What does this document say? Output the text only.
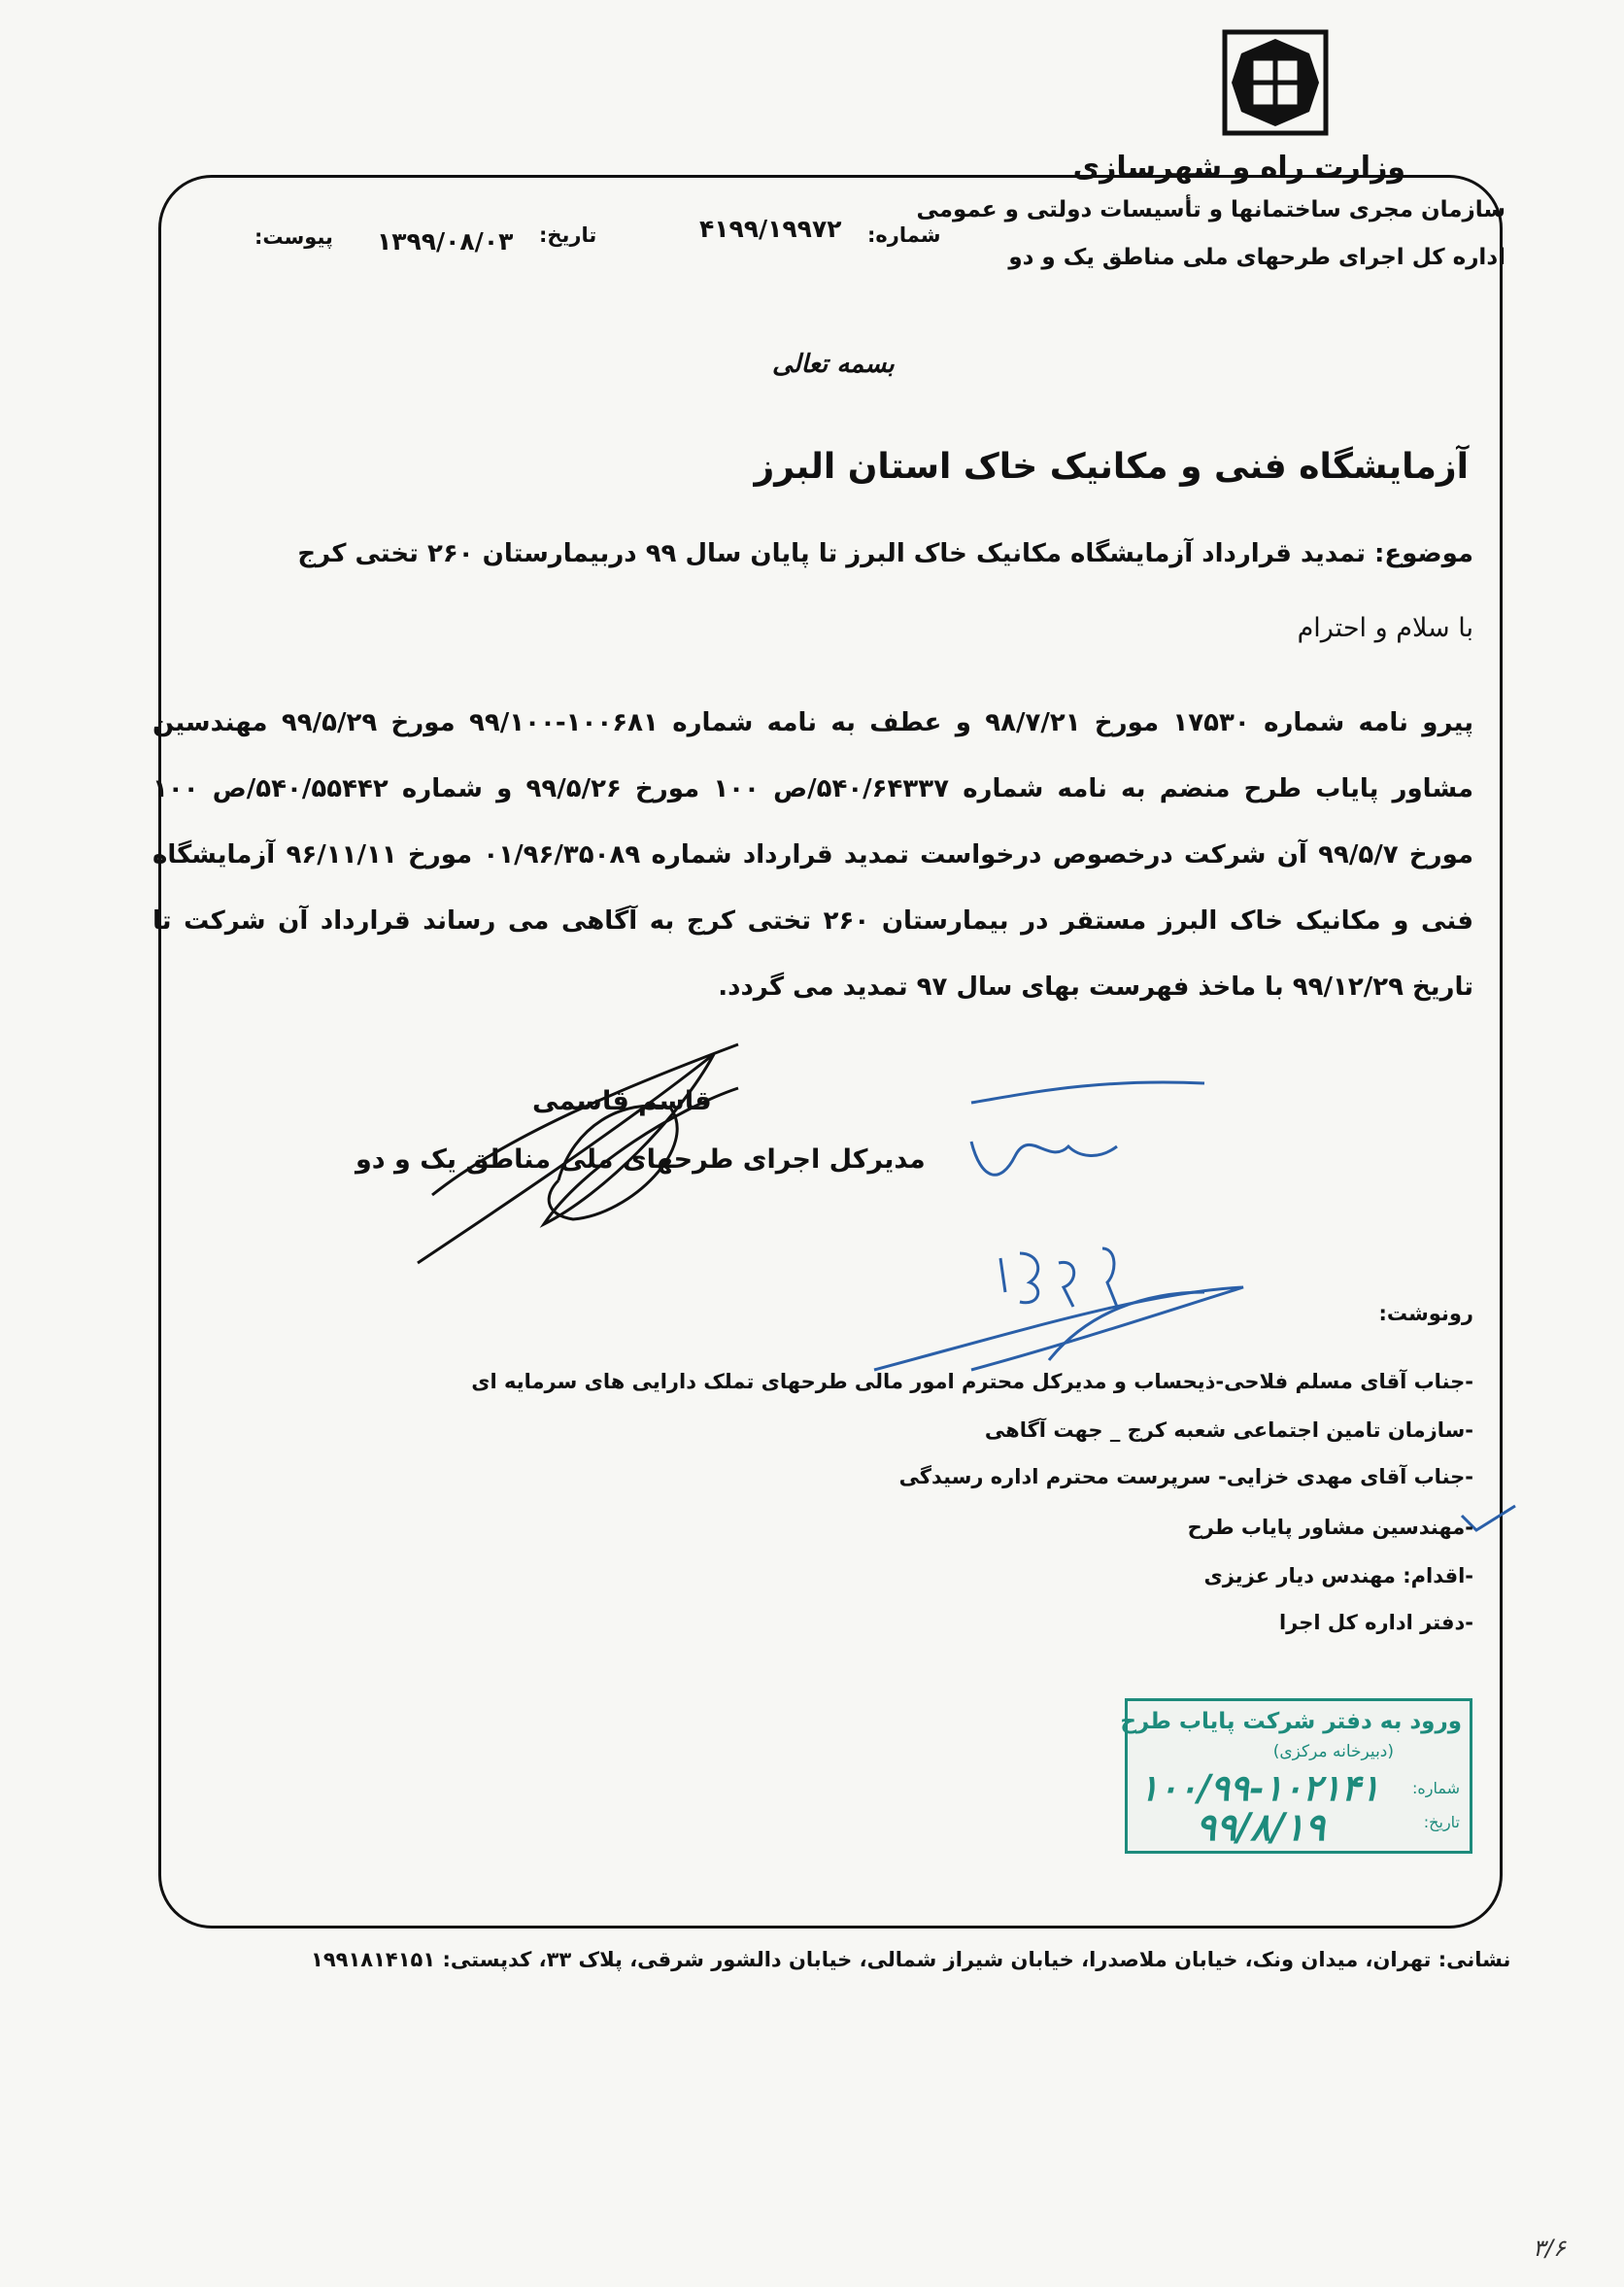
وزارت راه و شهرسازی
سازمان مجری ساختمانها و تأسیسات دولتی و عمومی
اداره کل اجرای طرحهای ملی مناطق یک و دو
شماره:
۴۱۹۹/۱۹۹۷۲
تاریخ:
۱۳۹۹/۰۸/۰۳
پیوست:
بسمه تعالی
آزمایشگاه فنی و مکانیک خاک استان البرز
موضوع: تمدید قرارداد آزمایشگاه مکانیک خاک البرز تا پایان سال ۹۹ دربیمارستان ۲۶۰ تختی کرج
با سلام و احترام
پیرو نامه شماره ۱۷۵۳۰ مورخ ۹۸/۷/۲۱ و عطف به نامه شماره ۱۰۰۶۸۱-۹۹/۱۰۰ مورخ ۹۹/۵/۲۹ مهندسین مشاور پایاب طرح منضم به نامه شماره ۵۴۰/۶۴۳۳۷/ص ۱۰۰ مورخ ۹۹/۵/۲۶ و شماره ۵۴۰/۵۵۴۴۲/ص ۱۰۰ مورخ ۹۹/۵/۷ آن شرکت درخصوص درخواست تمدید قرارداد شماره ۰۱/۹۶/۳۵۰۸۹ مورخ ۹۶/۱۱/۱۱ آزمایشگاه فنی و مکانیک خاک البرز مستقر در بیمارستان ۲۶۰ تختی کرج به آگاهی می رساند قرارداد آن شرکت تا تاریخ ۹۹/۱۲/۲۹ با ماخذ فهرست بهای سال ۹۷ تمدید می گردد.
قاسم قاسمی
مدیرکل اجرای طرحهای ملی مناطق یک و دو
رونوشت:
-جناب آقای مسلم فلاحی-ذیحساب و مدیرکل محترم امور مالی طرحهای تملک دارایی های سرمایه ای
-سازمان تامین اجتماعی شعبه کرج _ جهت آگاهی
-جناب آقای مهدی خزایی- سرپرست محترم اداره رسیدگی
-مهندسین مشاور پایاب طرح
-اقدام: مهندس دیار عزیزی
-دفتر اداره کل اجرا
ورود به دفتر شرکت پایاب طرح
(دبیرخانه مرکزی)
شماره:
تاریخ:
۱۰۰/۹۹-۱۰۲۱۴۱
۹۹/۸/۱۹
نشانی: تهران، میدان ونک، خیابان ملاصدرا، خیابان شیراز شمالی، خیابان دالشور شرقی، پلاک ۳۳، کدپستی: ۱۹۹۱۸۱۴۱۵۱
۳/۶
